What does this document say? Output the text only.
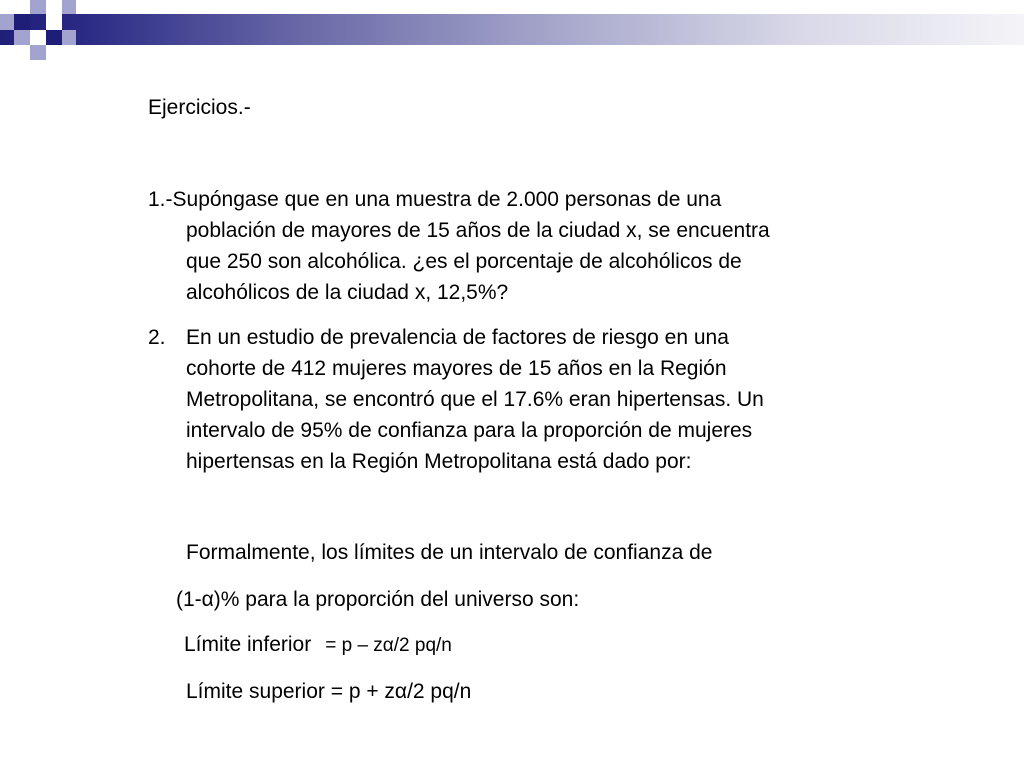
Ejercicios.-
1.-Supóngase que en una muestra de 2.000 personas de una
población de mayores de 15 años de la ciudad x, se encuentra
que 250 son alcohólica. ¿es el porcentaje de alcohólicos de
alcohólicos de la ciudad x, 12,5%?
2. En un estudio de prevalencia de factores de riesgo en una
cohorte de 412 mujeres mayores de 15 años en la Región
Metropolitana, se encontró que el 17.6% eran hipertensas. Un
intervalo de 95% de confianza para la proporción de mujeres
hipertensas en la Región Metropolitana está dado por:
Formalmente, los límites de un intervalo de confianza de
(1-α)% para la proporción del universo son:
Límite inferior = p – zα/2 pq/n
Límite superior = p + zα/2 pq/n
